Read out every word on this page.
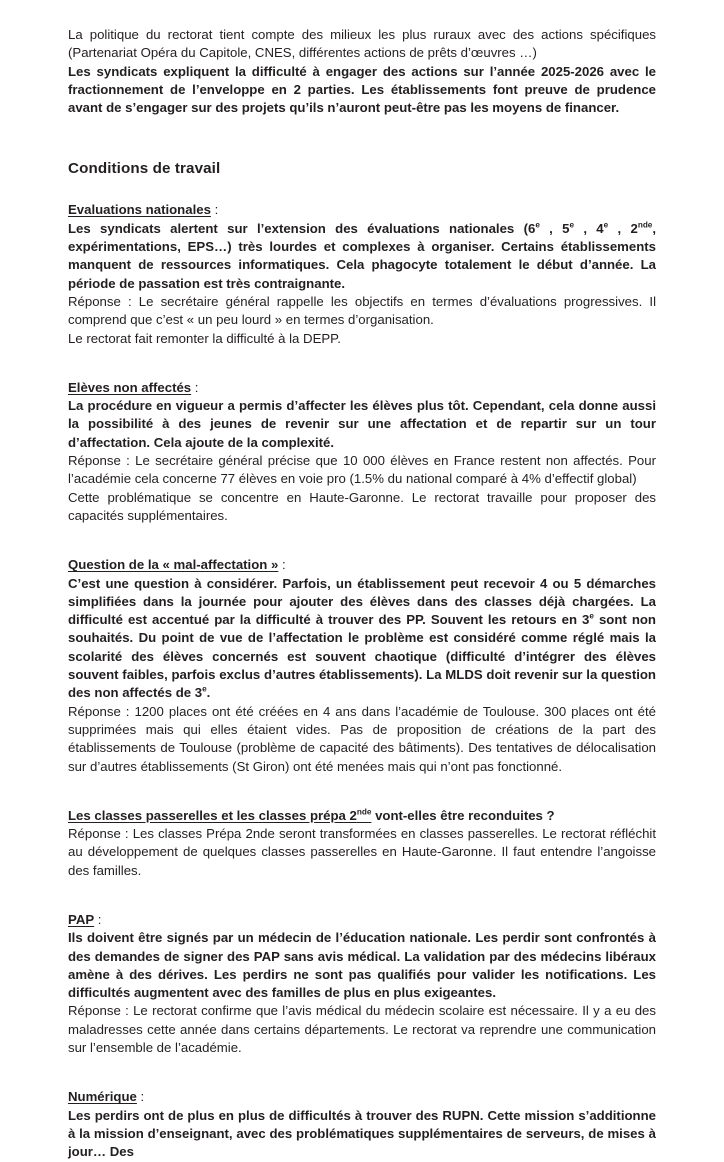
La politique du rectorat tient compte des milieux les plus ruraux avec des actions spécifiques (Partenariat Opéra du Capitole, CNES, différentes actions de prêts d’œuvres …)

Les syndicats expliquent la difficulté à engager des actions sur l’année 2025-2026 avec le fractionnement de l’enveloppe en 2 parties. Les établissements font preuve de prudence avant de s’engager sur des projets qu’ils n’auront peut-être pas les moyens de financer.

Conditions de travail

Evaluations nationales :

Les syndicats alertent sur l’extension des évaluations nationales (6e , 5e , 4e , 2nde, expérimentations, EPS…) très lourdes et complexes à organiser. Certains établissements manquent de ressources informatiques. Cela phagocyte totalement le début d’année. La période de passation est très contraignante.

Réponse : Le secrétaire général rappelle les objectifs en termes d’évaluations progressives. Il comprend que c’est « un peu lourd » en termes d’organisation.

Le rectorat fait remonter la difficulté à la DEPP.

Elèves non affectés :

La procédure en vigueur a permis d’affecter les élèves plus tôt. Cependant, cela donne aussi la possibilité à des jeunes de revenir sur une affectation et de repartir sur un tour d’affectation. Cela ajoute de la complexité.

Réponse : Le secrétaire général précise que 10 000 élèves en France restent non affectés. Pour l’académie cela concerne 77 élèves en voie pro (1.5% du national comparé à 4% d’effectif global)

Cette problématique se concentre en Haute-Garonne. Le rectorat travaille pour proposer des capacités supplémentaires.

Question de la « mal-affectation » :

C’est une question à considérer. Parfois, un établissement peut recevoir 4 ou 5 démarches simplifiées dans la journée pour ajouter des élèves dans des classes déjà chargées. La difficulté est accentué par la difficulté à trouver des PP. Souvent les retours en 3e sont non souhaités. Du point de vue de l’affectation le problème est considéré comme réglé mais la scolarité des élèves concernés est souvent chaotique (difficulté d’intégrer des élèves souvent faibles, parfois exclus d’autres établissements). La MLDS doit revenir sur la question des non affectés de 3e.

Réponse : 1200 places ont été créées en 4 ans dans l’académie de Toulouse. 300 places ont été supprimées mais qui elles étaient vides. Pas de proposition de créations de la part des établissements de Toulouse (problème de capacité des bâtiments). Des tentatives de délocalisation sur d’autres établissements (St Giron) ont été menées mais qui n’ont pas fonctionné.

Les classes passerelles et les classes prépa 2nde vont-elles être reconduites ?

Réponse : Les classes Prépa 2nde seront transformées en classes passerelles. Le rectorat réfléchit au développement de quelques classes passerelles en Haute-Garonne. Il faut entendre l’angoisse des familles.

PAP :

Ils doivent être signés par un médecin de l’éducation nationale. Les perdir sont confrontés à des demandes de signer des PAP sans avis médical. La validation par des médecins libéraux amène à des dérives. Les perdirs ne sont pas qualifiés pour valider les notifications. Les difficultés augmentent avec des familles de plus en plus exigeantes.

Réponse : Le rectorat confirme que l’avis médical du médecin scolaire est nécessaire. Il y a eu des maladresses cette année dans certains départements. Le rectorat va reprendre une communication sur l’ensemble de l’académie.

Numérique :

Les perdirs ont de plus en plus de difficultés à trouver des RUPN. Cette mission s’additionne à la mission d’enseignant, avec des problématiques supplémentaires de serveurs, de mises à jour… Des
